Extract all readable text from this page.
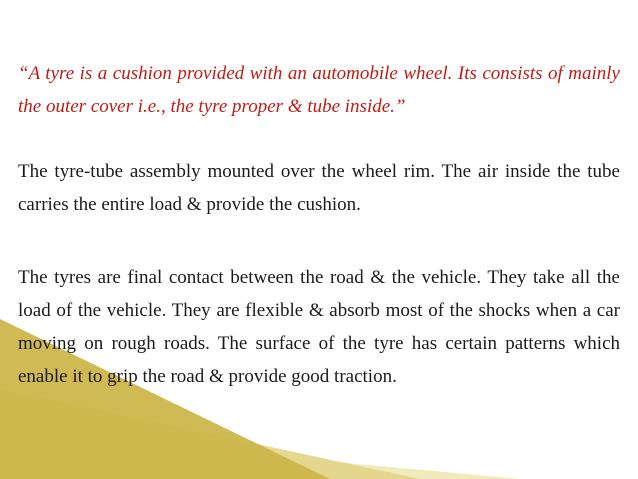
“A tyre is a cushion provided with an automobile wheel. Its consists of mainly the outer cover i.e., the tyre proper & tube inside.”

The tyre-tube assembly mounted over the wheel rim. The air inside the tube carries the entire load & provide the cushion.

The tyres are final contact between the road & the vehicle. They take all the load of the vehicle. They are flexible & absorb most of the shocks when a car moving on rough roads. The surface of the tyre has certain patterns which enable it to grip the road & provide good traction.
